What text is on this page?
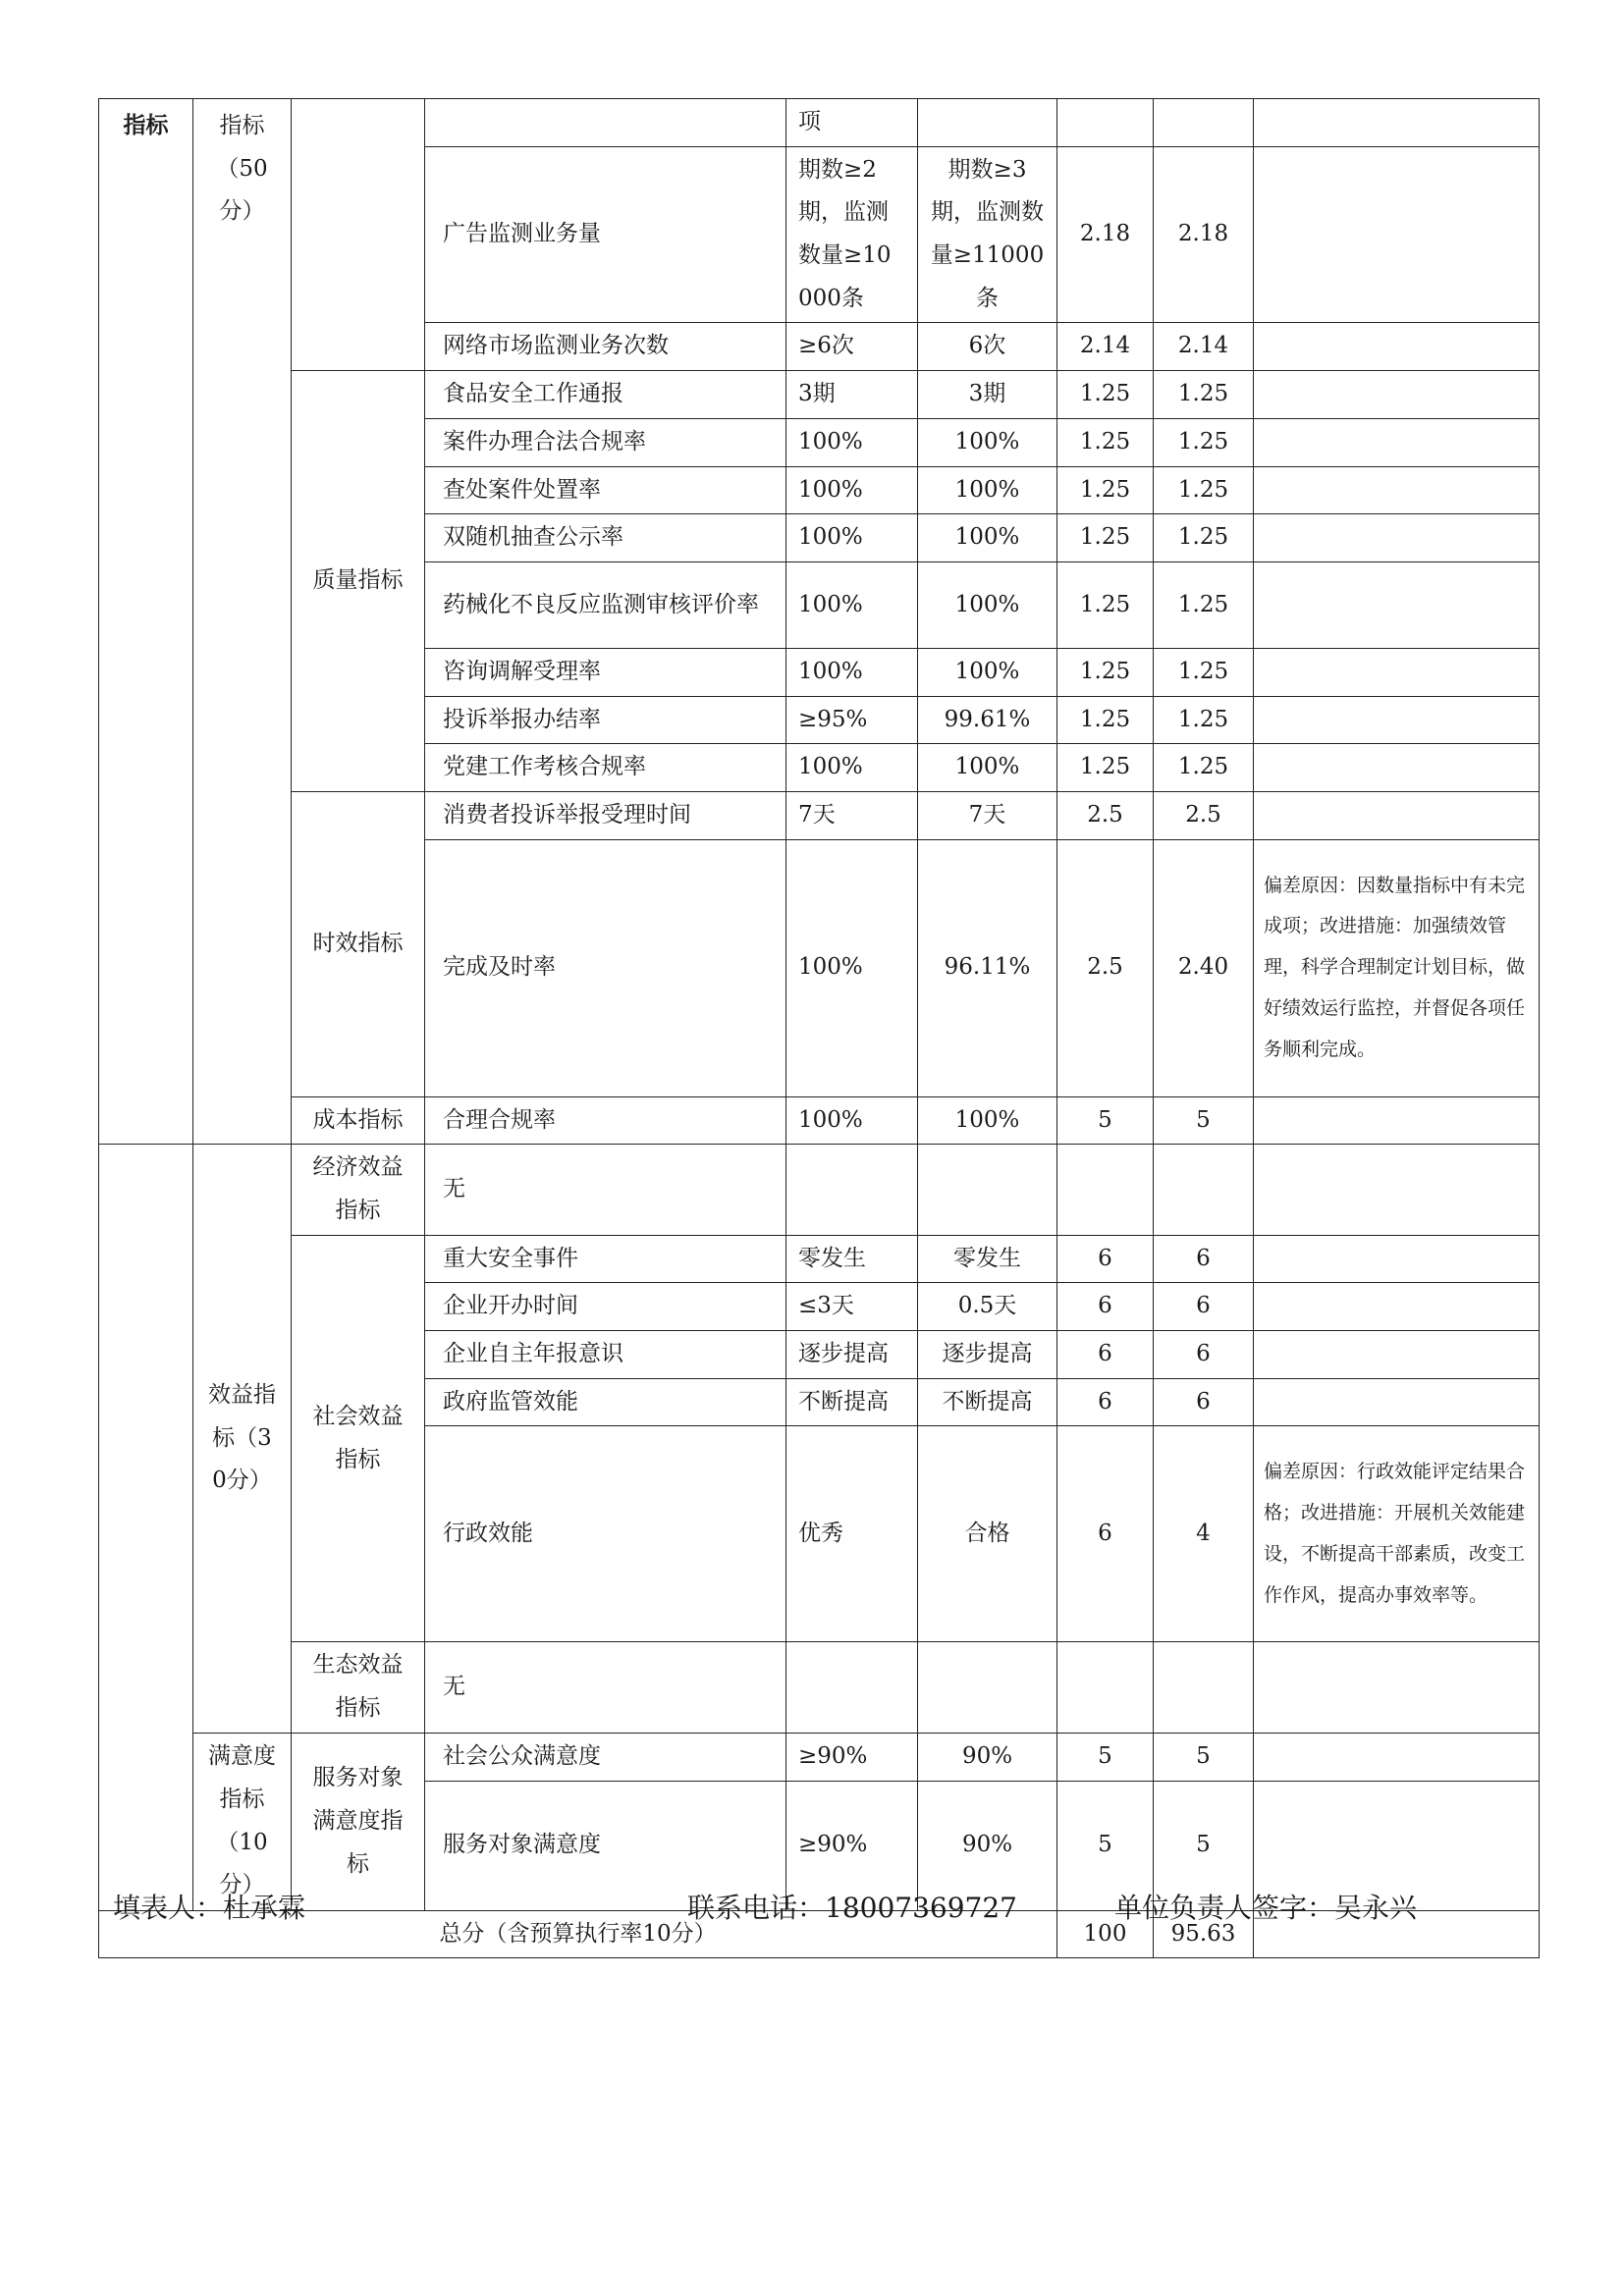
指标	指标（50分）			项				
			广告监测业务量	期数≥2期，监测数量≥10000条	期数≥3期，监测数量≥11000条	2.18	2.18	
			网络市场监测业务次数	≥6次	6次	2.14	2.14	
		质量指标	食品安全工作通报	3期	3期	1.25	1.25	
			案件办理合法合规率	100%	100%	1.25	1.25	
			查处案件处置率	100%	100%	1.25	1.25	
			双随机抽查公示率	100%	100%	1.25	1.25	
			药械化不良反应监测审核评价率	100%	100%	1.25	1.25	
			咨询调解受理率	100%	100%	1.25	1.25	
			投诉举报办结率	≥95%	99.61%	1.25	1.25	
			党建工作考核合规率	100%	100%	1.25	1.25	
		时效指标	消费者投诉举报受理时间	7天	7天	2.5	2.5	
			完成及时率	100%	96.11%	2.5	2.40	偏差原因：因数量指标中有未完成项；改进措施：加强绩效管理，科学合理制定计划目标，做好绩效运行监控，并督促各项任务顺利完成。
		成本指标	合理合规率	100%	100%	5	5	
	效益指标（30分）	经济效益指标	无					
		社会效益指标	重大安全事件	零发生	零发生	6	6	
			企业开办时间	≤3天	0.5天	6	6	
			企业自主年报意识	逐步提高	逐步提高	6	6	
			政府监管效能	不断提高	不断提高	6	6	
			行政效能	优秀	合格	6	4	偏差原因：行政效能评定结果合格；改进措施：开展机关效能建设，不断提高干部素质，改变工作作风，提高办事效率等。
		生态效益指标	无					
	满意度指标（10分）	服务对象满意度指标	社会公众满意度	≥90%	90%	5	5	
			服务对象满意度	≥90%	90%	5	5	
总分（含预算执行率10分）						100	95.63	
填表人：杜承霖	联系电话：18007369727	单位负责人签字：吴永兴
